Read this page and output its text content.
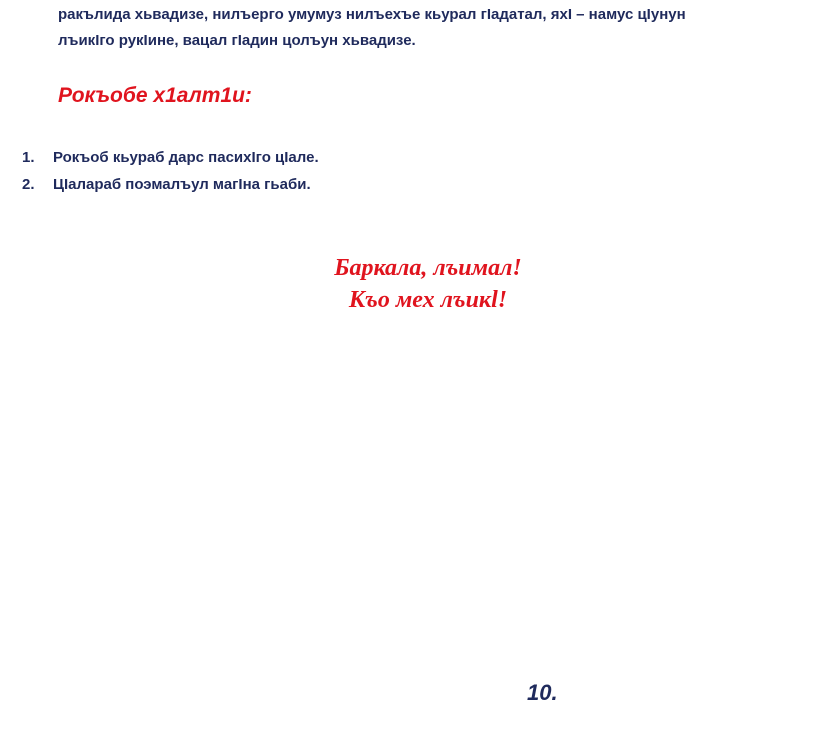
ракълида хьвадизе, нилъерго умумуз нилъехъе кьурал гӀадатал, яхI – намус цӀунун
лъикIго рукIине, вацал гIадин цолъун хьвадизе.

Рокъобе х1алт1и:
1.	Рокъоб кьураб дарс пасихIго цIале.
2.	ЦIалараб поэмалъул магIна гьаби.
Баркала, лъимал!
Къо мех лъикl!
10.
